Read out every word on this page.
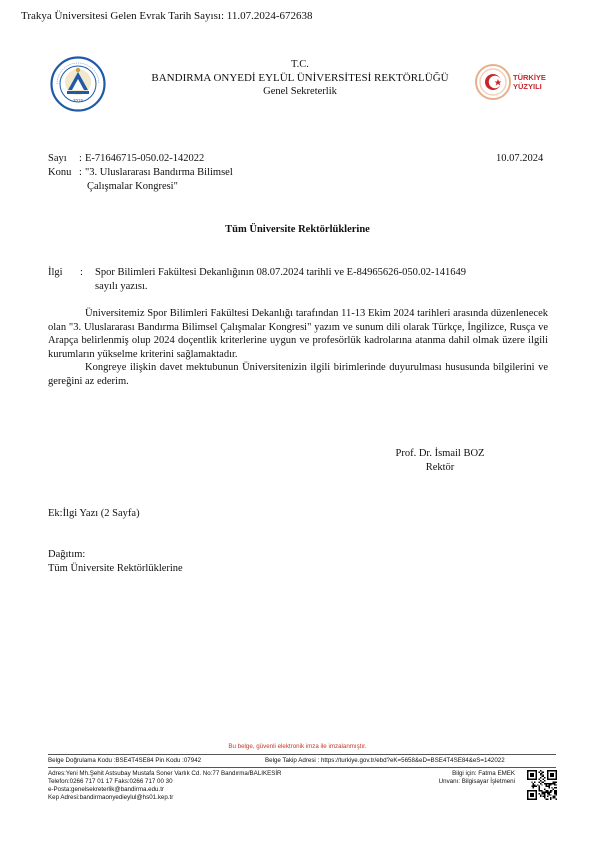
Trakya Üniversitesi Gelen Evrak Tarih Sayısı: 11.07.2024-672638
2015
T.C.
BANDIRMA ONYEDİ EYLÜL ÜNİVERSİTESİ REKTÖRLÜĞÜ
Genel Sekreterlik
TÜRKİYE
YÜZYILI
Sayı : E-71646715-050.02-142022	10.07.2024
Konu : "3. Uluslararası Bandırma Bilimsel
Çalışmalar Kongresi"
Tüm Üniversite Rektörlüklerine
İlgi : Spor Bilimleri Fakültesi Dekanlığının 08.07.2024 tarihli ve E-84965626-050.02-141649
sayılı yazısı.

Üniversitemiz Spor Bilimleri Fakültesi Dekanlığı tarafından 11-13 Ekim 2024 tarihleri arasında düzenlenecek olan "3. Uluslararası Bandırma Bilimsel Çalışmalar Kongresi" yazım ve sunum dili olarak Türkçe, İngilizce, Rusça ve Arapça belirlenmiş olup 2024 doçentlik kriterlerine uygun ve profesörlük kadrolarına atanma dahil olmak üzere ilgili kurumların yükselme kriterini sağlamaktadır.

Kongreye ilişkin davet mektubunun Üniversitenizin ilgili birimlerinde duyurulması hususunda bilgilerini ve gereğini az ederim.

Prof. Dr. İsmail BOZ
Rektör
Ek:İlgi Yazı (2 Sayfa)
Dağıtım:
Tüm Üniversite Rektörlüklerine
Bu belge, güvenli elektronik imza ile imzalanmıştır.
Belge Doğrulama Kodu :BSE4T4SE84 Pin Kodu :07942	Belge Takip Adresi : https://turkiye.gov.tr/ebd?eK=5658&eD=BSE4T4SE84&eS=142022
Adres:Yeni Mh.Şehit Astsubay Mustafa Soner Varlık Cd. No:77 Bandırma/BALIKESİR
Telefon:0266 717 01 17 Faks:0266 717 00 30
e-Posta:genelsekreterlik@bandirma.edu.tr
Kep Adresi:bandirmaonyedieylul@hs01.kep.tr
Bilgi için: Fatma EMEK
Unvanı: Bilgisayar İşletmeni
